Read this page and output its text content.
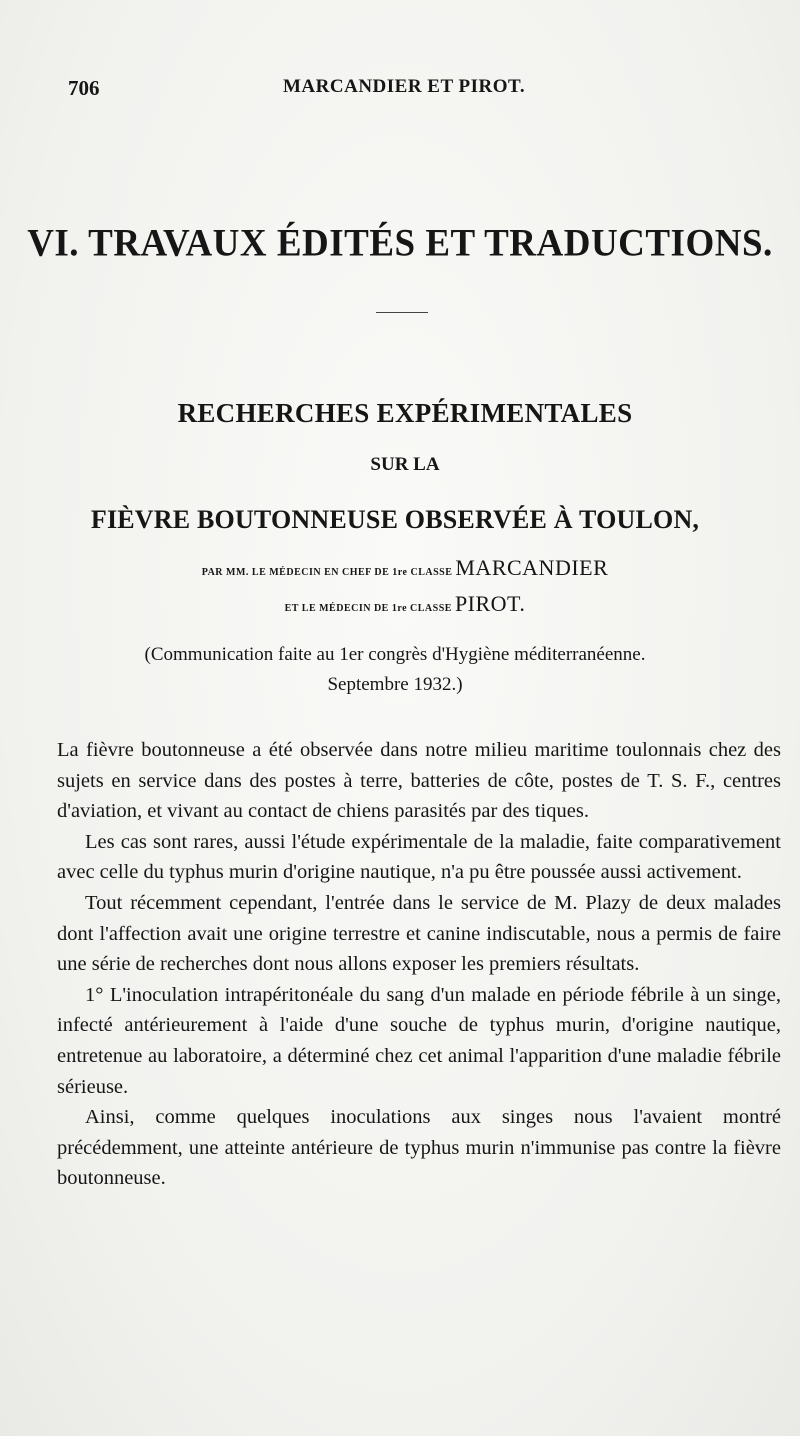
706	MARCANDIER ET PIROT.
VI. TRAVAUX ÉDITÉS ET TRADUCTIONS.
RECHERCHES EXPÉRIMENTALES
SUR LA
FIÈVRE BOUTONNEUSE OBSERVÉE À TOULON,
PAR MM. LE MÉDECIN EN CHEF DE 1re CLASSE MARCANDIER
ET LE MÉDECIN DE 1re CLASSE PIROT.
(Communication faite au 1er congrès d'Hygiène méditerranéenne.
Septembre 1932.)

La fièvre boutonneuse a été observée dans notre milieu maritime toulonnais chez des sujets en service dans des postes à terre, batteries de côte, postes de T. S. F., centres d'aviation, et vivant au contact de chiens parasités par des tiques.

Les cas sont rares, aussi l'étude expérimentale de la maladie, faite comparativement avec celle du typhus murin d'origine nautique, n'a pu être poussée aussi activement.

Tout récemment cependant, l'entrée dans le service de M. Plazy de deux malades dont l'affection avait une origine terrestre et canine indiscutable, nous a permis de faire une série de recherches dont nous allons exposer les premiers résultats.

1° L'inoculation intrapéritonéale du sang d'un malade en période fébrile à un singe, infecté antérieurement à l'aide d'une souche de typhus murin, d'origine nautique, entretenue au laboratoire, a déterminé chez cet animal l'apparition d'une maladie fébrile sérieuse.

Ainsi, comme quelques inoculations aux singes nous l'avaient montré précédemment, une atteinte antérieure de typhus murin n'immunise pas contre la fièvre boutonneuse.
